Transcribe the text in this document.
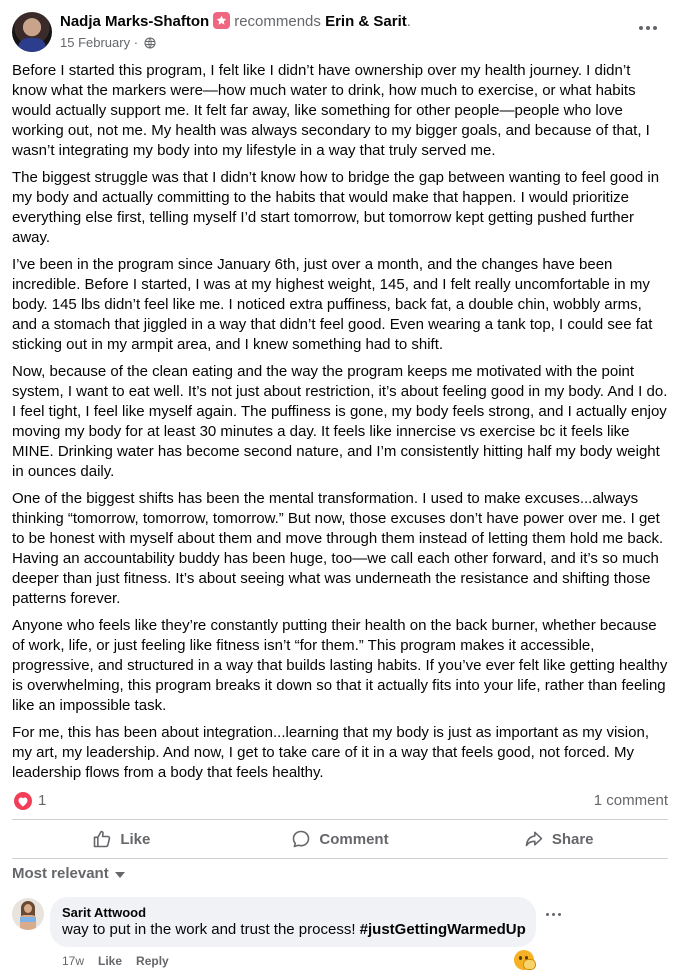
Nadja Marks-Shafton recommends Erin & Sarit.
15 February ·

Before I started this program, I felt like I didn’t have ownership over my health journey. I didn’t know what the markers were—how much water to drink, how much to exercise, or what habits would actually support me. It felt far away, like something for other people—people who love working out, not me. My health was always secondary to my bigger goals, and because of that, I wasn’t integrating my body into my lifestyle in a way that truly served me.

The biggest struggle was that I didn’t know how to bridge the gap between wanting to feel good in my body and actually committing to the habits that would make that happen. I would prioritize everything else first, telling myself I’d start tomorrow, but tomorrow kept getting pushed further away.

I’ve been in the program since January 6th, just over a month, and the changes have been incredible. Before I started, I was at my highest weight, 145, and I felt really uncomfortable in my body. 145 lbs didn’t feel like me. I noticed extra puffiness, back fat, a double chin, wobbly arms, and a stomach that jiggled in a way that didn’t feel good. Even wearing a tank top, I could see fat sticking out in my armpit area, and I knew something had to shift.

Now, because of the clean eating and the way the program keeps me motivated with the point system, I want to eat well. It’s not just about restriction, it’s about feeling good in my body. And I do. I feel tight, I feel like myself again. The puffiness is gone, my body feels strong, and I actually enjoy moving my body for at least 30 minutes a day. It feels like innercise vs exercise bc it feels like MINE. Drinking water has become second nature, and I’m consistently hitting half my body weight in ounces daily.

One of the biggest shifts has been the mental transformation. I used to make excuses...always thinking “tomorrow, tomorrow, tomorrow.” But now, those excuses don’t have power over me. I get to be honest with myself about them and move through them instead of letting them hold me back. Having an accountability buddy has been huge, too—we call each other forward, and it’s so much deeper than just fitness. It’s about seeing what was underneath the resistance and shifting those patterns forever.

Anyone who feels like they’re constantly putting their health on the back burner, whether because of work, life, or just feeling like fitness isn’t “for them.” This program makes it accessible, progressive, and structured in a way that builds lasting habits. If you’ve ever felt like getting healthy is overwhelming, this program breaks it down so that it actually fits into your life, rather than feeling like an impossible task.

For me, this has been about integration...learning that my body is just as important as my vision, my art, my leadership. And now, I get to take care of it in a way that feels good, not forced. My leadership flows from a body that feels healthy.

1	1 comment
Like	Comment	Share
Most relevant
Sarit Attwood
way to put in the work and trust the process! #justGettingWarmedUp
17w Like Reply
